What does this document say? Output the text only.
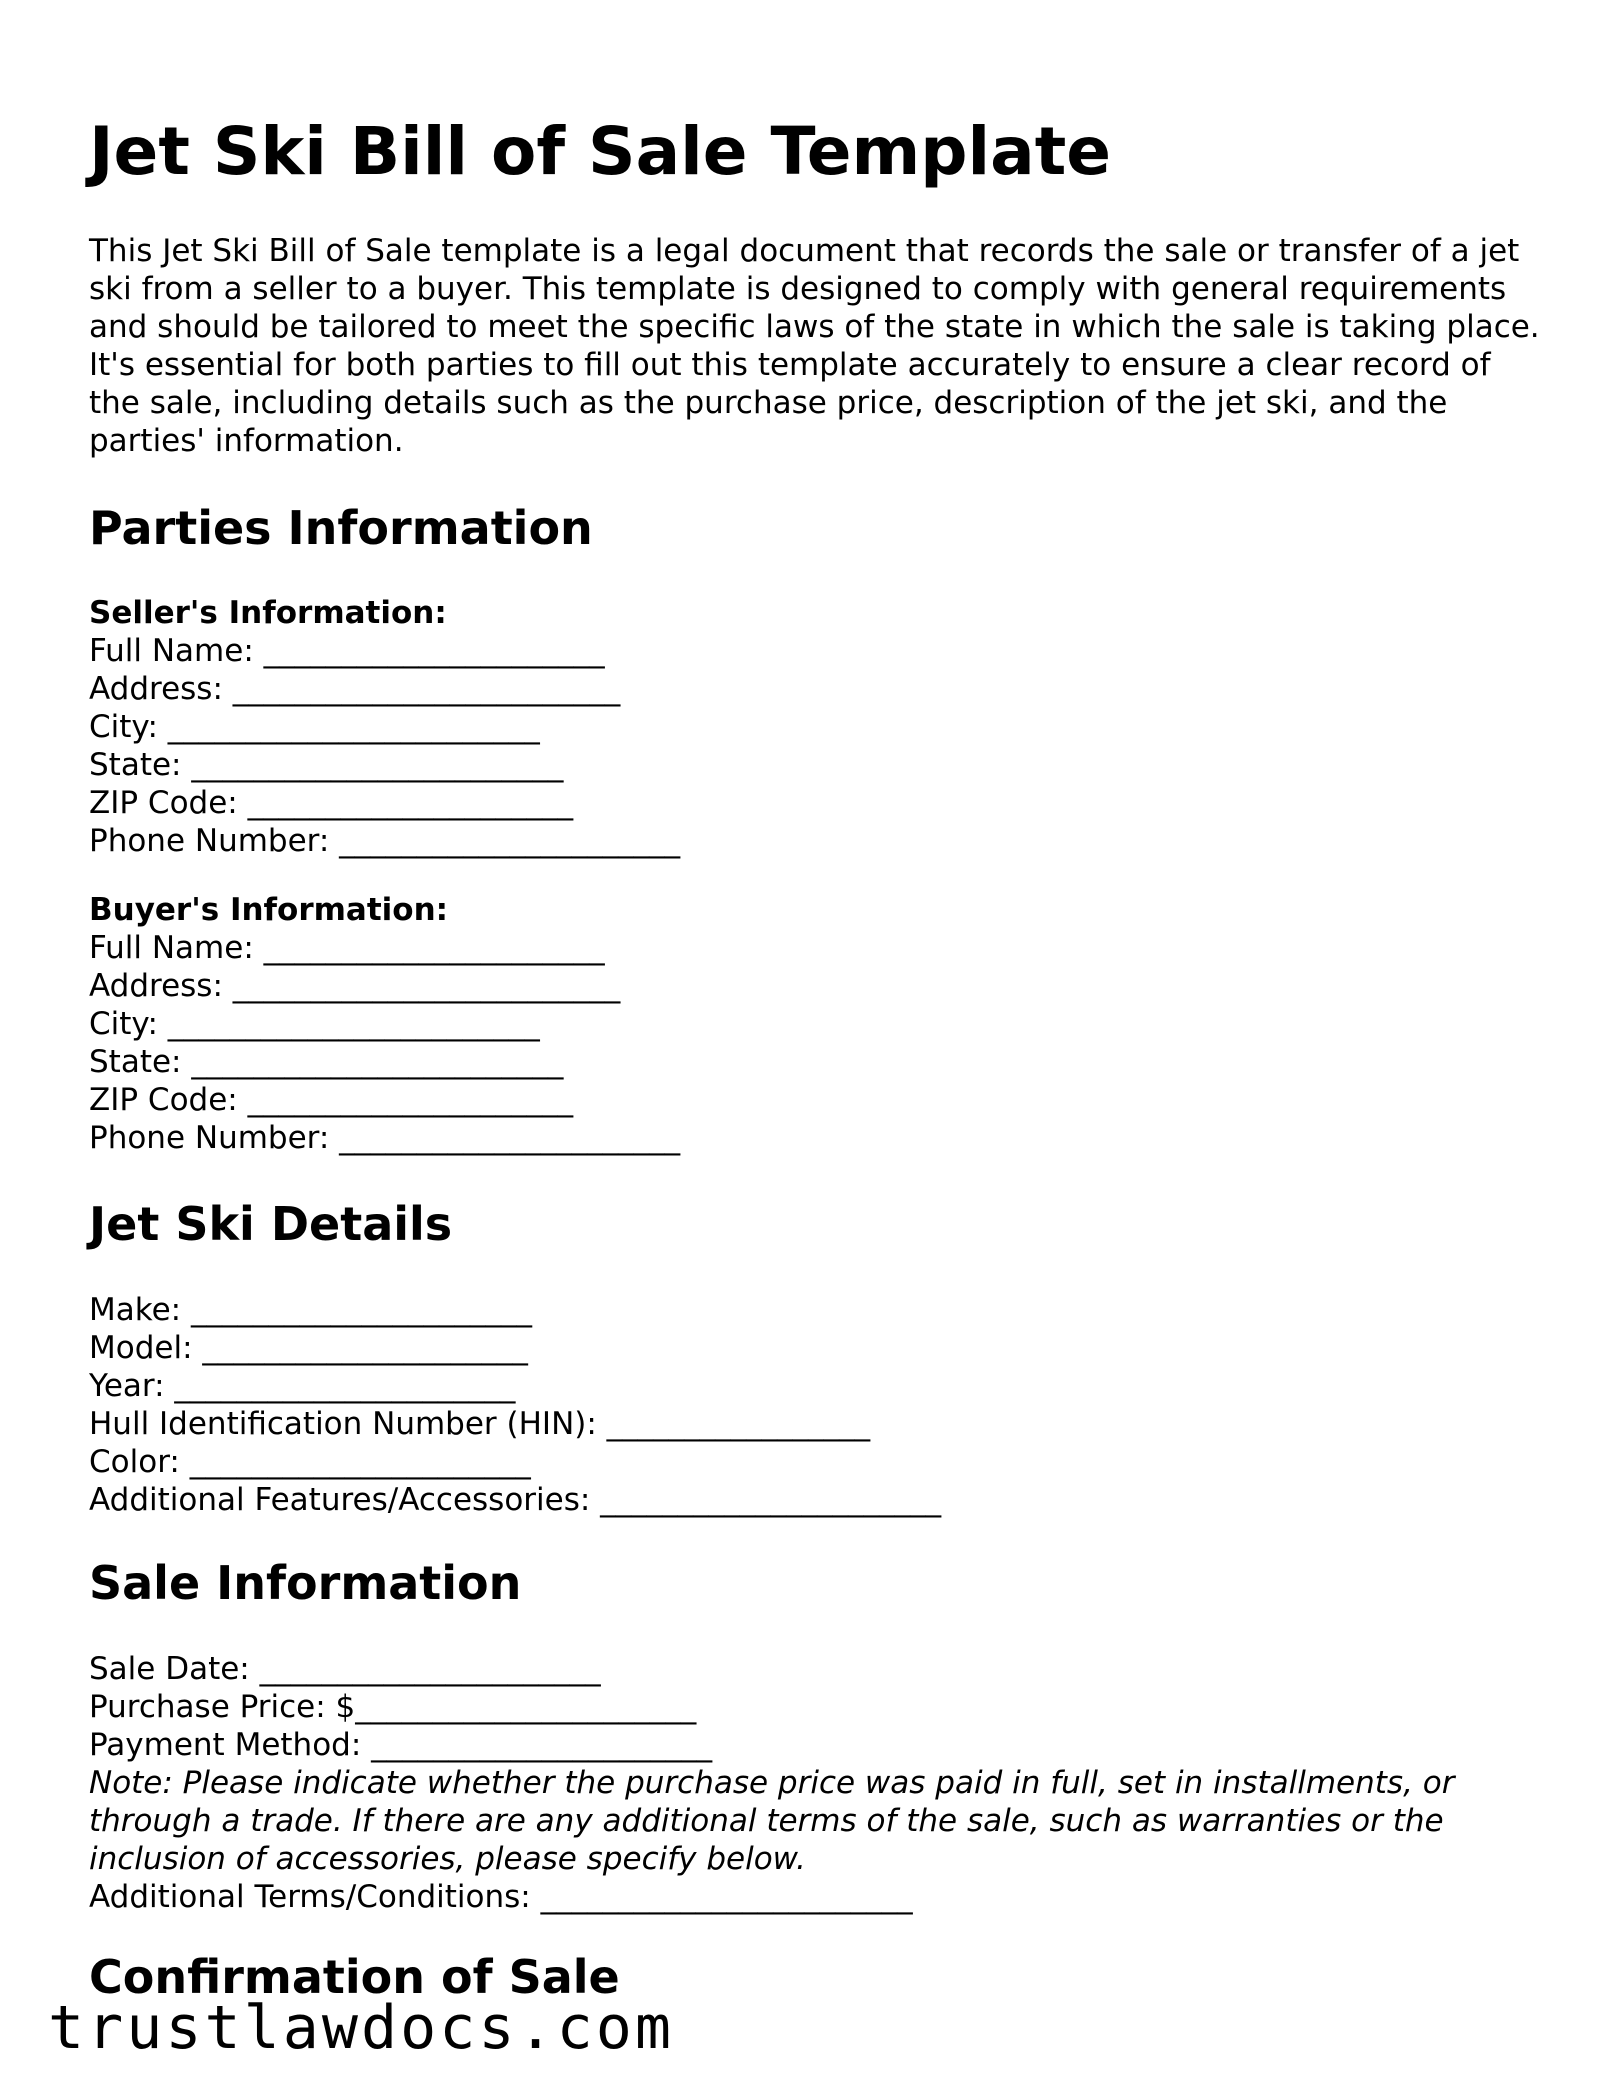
Jet Ski Bill of Sale Template

This Jet Ski Bill of Sale template is a legal document that records the sale or transfer of a jet ski from a seller to a buyer. This template is designed to comply with general requirements and should be tailored to meet the specific laws of the state in which the sale is taking place. It's essential for both parties to fill out this template accurately to ensure a clear record of the sale, including details such as the purchase price, description of the jet ski, and the parties' information.

Parties Information
Seller's Information:
Full Name: ______________________
Address: _________________________
City: ________________________
State: ________________________
ZIP Code: _____________________
Phone Number: ______________________
Buyer's Information:
Full Name: ______________________
Address: _________________________
City: ________________________
State: ________________________
ZIP Code: _____________________
Phone Number: ______________________
Jet Ski Details
Make: ______________________
Model: _____________________
Year: ______________________
Hull Identification Number (HIN): _________________
Color: ______________________
Additional Features/Accessories: ______________________
Sale Information
Sale Date: ______________________
Purchase Price: $______________________
Payment Method: ______________________
Note: Please indicate whether the purchase price was paid in full, set in installments, or through a trade. If there are any additional terms of the sale, such as warranties or the inclusion of accessories, please specify below.
Additional Terms/Conditions: ________________________
Confirmation of Sale
trustlawdocs.com
